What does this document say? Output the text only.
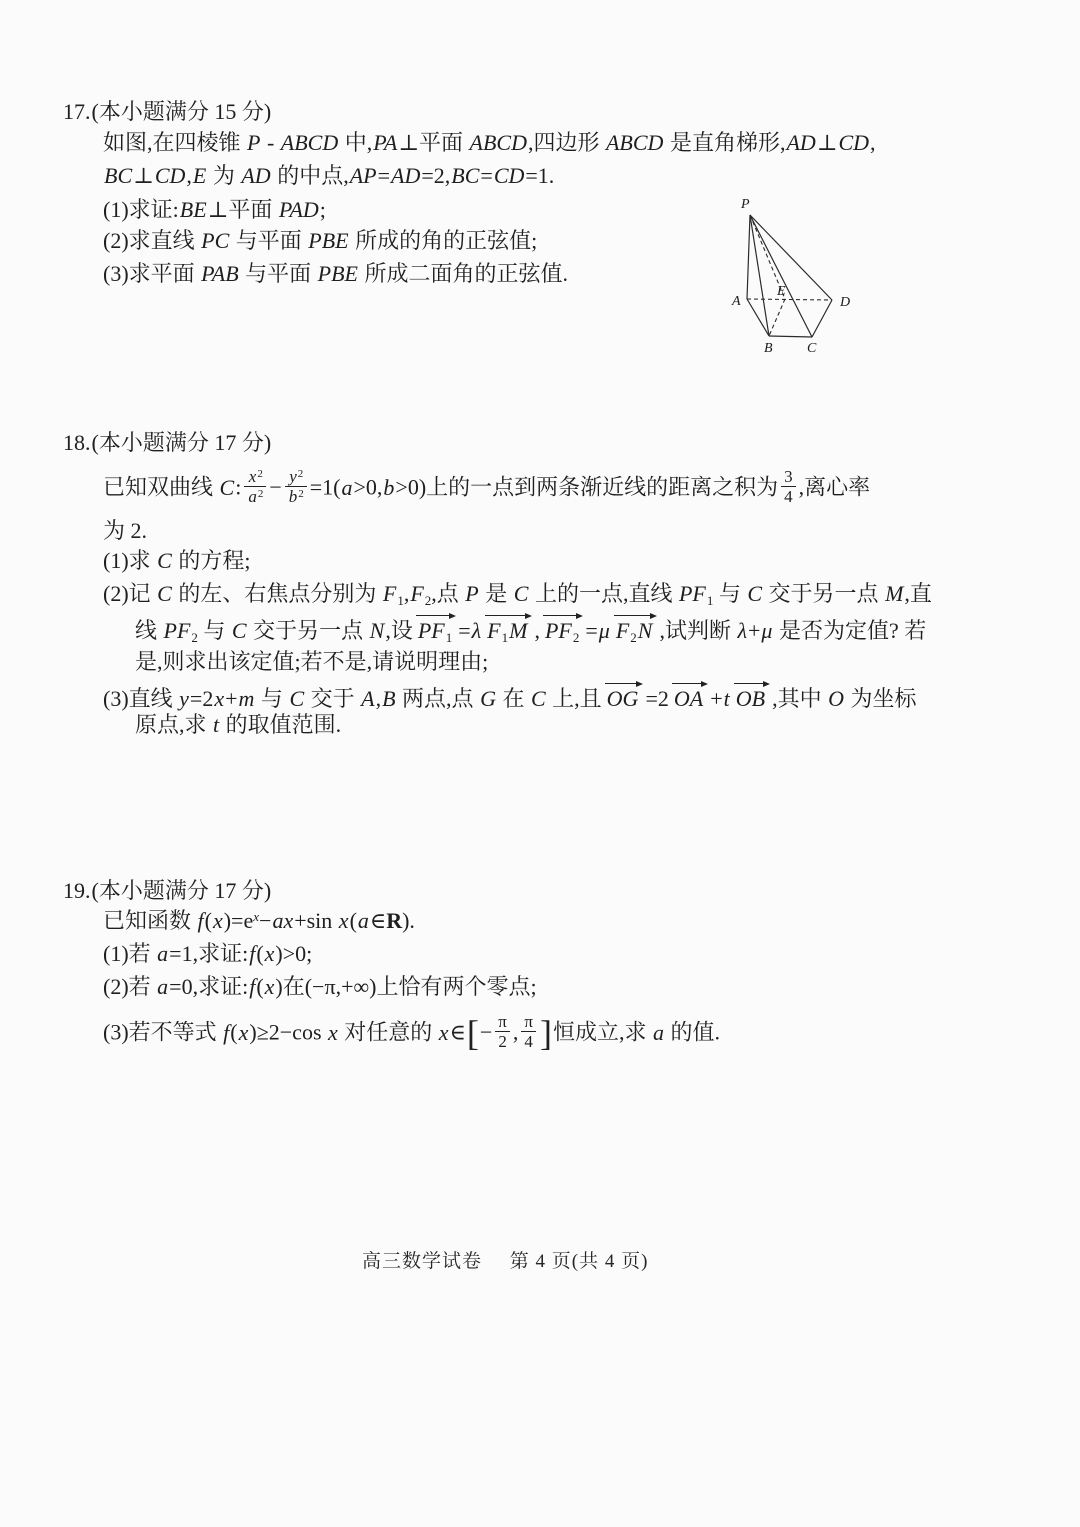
17.(本小题满分 15 分)
如图,在四棱锥 P - ABCD 中,PA⊥平面 ABCD,四边形 ABCD 是直角梯形,AD⊥CD,
BC⊥CD,E 为 AD 的中点,AP=AD=2,BC=CD=1.
(1)求证:BE⊥平面 PAD;
(2)求直线 PC 与平面 PBE 所成的角的正弦值;
(3)求平面 PAB 与平面 PBE 所成二面角的正弦值.
P
A	D
B C
E
18.(本小题满分 17 分)
已知双曲线 C: $\frac{x^2}{a^2} - \frac{y^2}{b^2} =1(a>0,b>0)$上的一点到两条渐近线的距离之积为 $\frac{3}{4}$ ,离心率
为 2.
(1)求 C 的方程;
(2)记 C 的左、右焦点分别为 $F_1,F_2$,点 P 是 C 上的一点,直线 $PF_1$ 与 C 交于另一点 M,直
线 $PF_2$ 与 C 交于另一点 N,设 $PF_1 =\lambda$ $F_1M$ , $PF_2 =\mu$ $F_2N$ ,试判断 λ+μ 是否为定值? 若
是,则求出该定值;若不是,请说明理由;
(3)直线 y=2x+m 与 C 交于 A,B 两点,点 G 在 C 上,且 OG =2 OA +t OB ,其中 O 为坐标
原点,求 t 的取值范围.
19.(本小题满分 17 分)
已知函数 $f(x)=e^x-ax+\sin$ x(a∈R).
(1)若 a=1,求证:f(x)>0;
(2)若 a=0,求证:f(x)在(−π,+∞)上恰有两个零点;
(3)若不等式 f(x)≥2−cos x 对任意的 x∈[− $\frac{\pi}{2}$ , $\frac{\pi}{4}$ ]恒成立,求 a 的值.
高三数学试卷 第 4 页(共 4 页)
